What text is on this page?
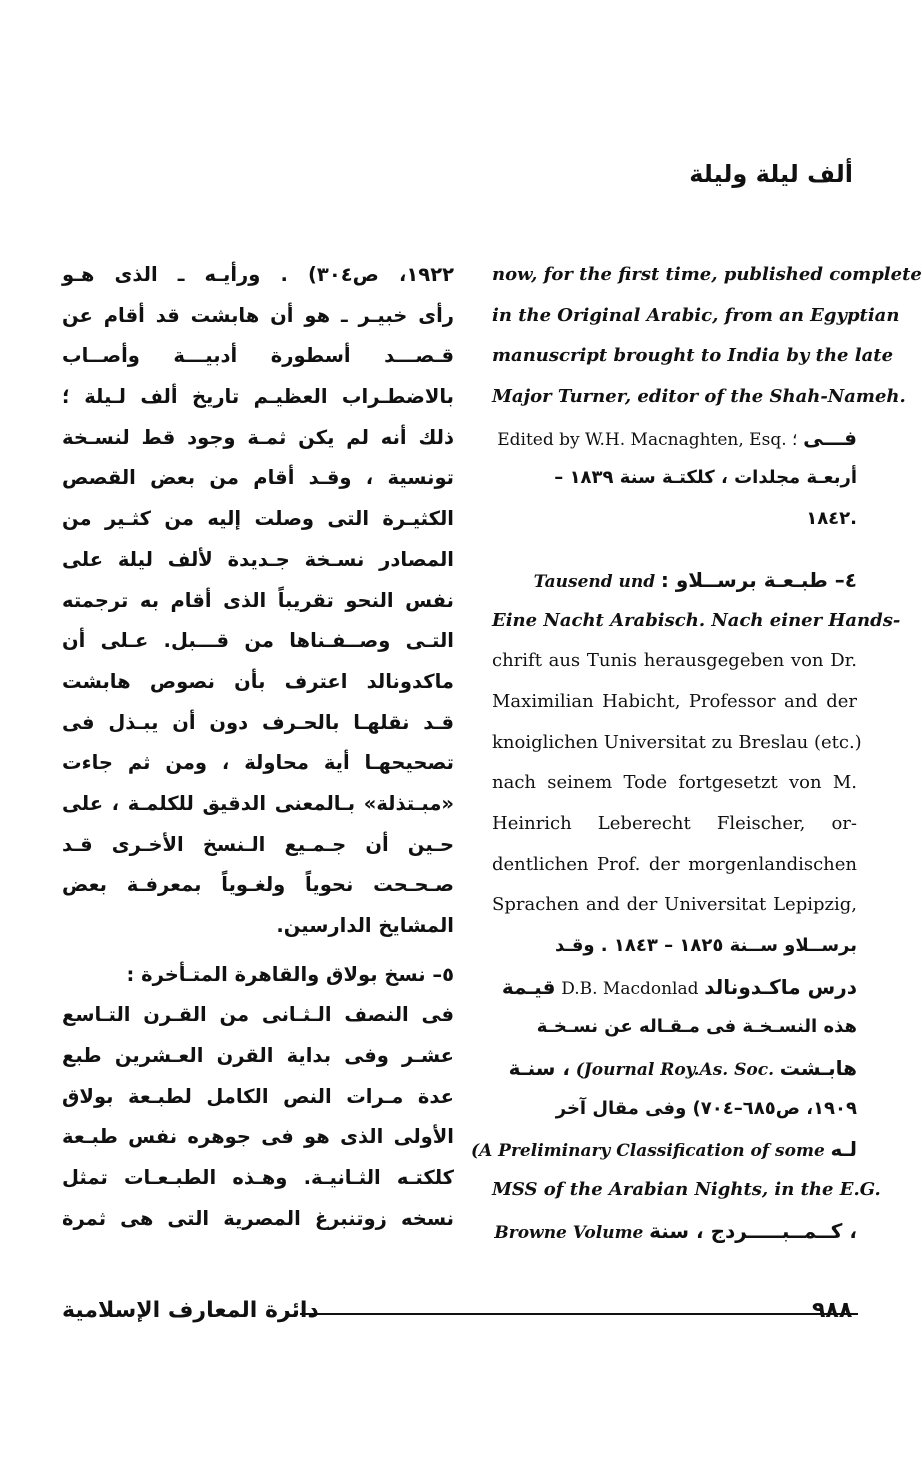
ألف ليلة وليلة
now, for the first time, published complete
in the Original Arabic, from an Egyptian
manuscript brought to India by the late
Major Turner, editor of the Shah-Nameh.
فـــى Edited by W.H. Macnaghten, Esq. ؛
أربعـة مجلدات ، كلكتـة سنة ١٨٣٩ –
.١٨٤٢
٤– طبـعـة برســلاو : Tausend und
Eine Nacht Arabisch. Nach einer Hands-
chrift aus Tunis herausgegeben von Dr.
Maximilian Habicht, Professor and der
knoiglichen Universitat zu Breslau (etc.)
nach seinem Tode fortgesetzt von M.
Heinrich Leberecht Fleischer, or-
dentlichen Prof. der morgenlandischen
Sprachen and der Universitat Lepipzig,
برســلاو ســنة ١٨٢٥ – ١٨٤٣ . وقـد
درس ماكـدونالد D.B. Macdonlad قيـمة
هذه النسـخـة فى مـقـاله عن نسـخـة
هابـشت (Journal Roy.As. Soc. ، سنـة
١٩٠٩، ص٦٨٥–٧٠٤) وفى مقال آخر
لـه (A Preliminary Classification of some
MSS of the Arabian Nights, in the E.G.
، كــمــبـــــردج ، سنة Browne Volume
١٩٢٢، ص٣٠٤) . ورأيـه ـ الذى هـو
رأى خبيـر ـ هو أن هابشت قد أقام عن
قـصـــد أسطورة أدبيـــة وأصــاب
بالاضطـراب العظيـم تاريخ ألف لـيلة ؛
ذلك أنه لم يكن ثمـة وجود قط لنسـخة
تونسية ، وقـد أقام من بعض القصص
الكثيـرة التى وصلت إليه من كثـير من
المصادر نسـخة جـديدة لألف ليلة على
نفس النحو تقريباً الذى أقام به ترجمته
التـى وصــفـناها من قـــبل. عـلى أن
ماكدونالد اعترف بأن نصوص هابشت
قـد نقلهـا بالحـرف دون أن يبـذل فى
تصحيحهـا أية محاولة ، ومن ثم جاءت
«مبـتذلة» بـالمعنى الدقيق للكلمـة ، على
حـين أن جـمـيع الـنسخ الأخـرى قـد
صـحـحت نحوياً ولغـوياً بمعرفـة بعض
المشايخ الدارسين.
٥– نسخ بولاق والقاهرة المتـأخرة :
فى النصف الـثـانى من القـرن التـاسع
عشـر وفى بداية القرن العـشرين طبع
عدة مـرات النص الكامل لطبـعة بولاق
الأولى الذى هو فى جوهره نفس طبـعة
كلكتـه الثـانيـة. وهـذه الطبـعـات تمثل
نسخه زوتنبرغ المصرية التى هى ثمرة
٩٨٨
دائرة المعارف الإسلامية
